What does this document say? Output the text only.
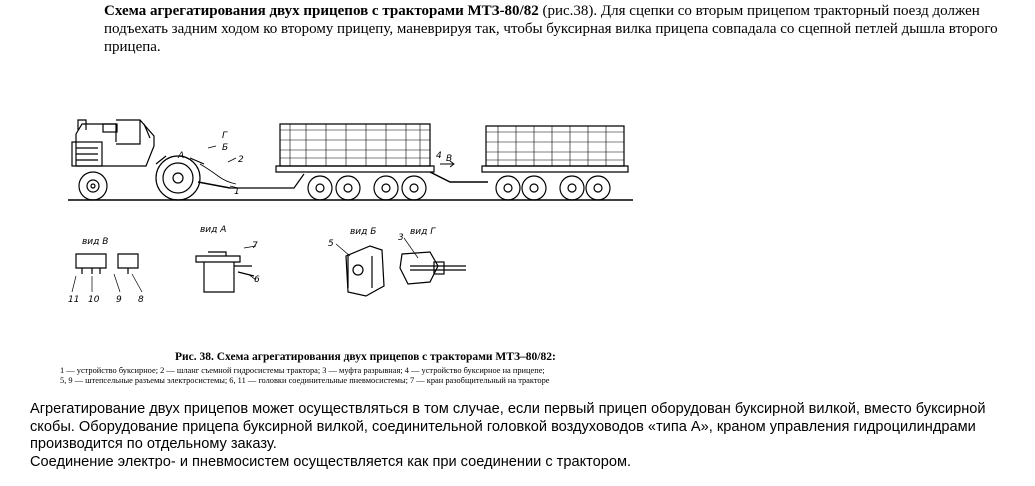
Схема агрегатирования двух прицепов с тракторами МТЗ-80/82 (рис.38). Для сцепки со вторым прицепом тракторный поезд должен подъехать задним ходом ко второму прицепу, маневрируя так, чтобы буксирная вилка прицепа совпадала со сцепной петлей дышла второго прицепа.
А
Г
Б
1
2	4 В
вид В
вид А	вид Б	вид Г
11 10 9 8
7
6
5
3
Рис. 38. Схема агрегатирования двух прицепов с тракторами МТЗ–80/82:
1 — устройство буксирное; 2 — шланг съемной гидросистемы трактора; 3 — муфта разрывная; 4 — устройство буксирное на прицепе;
5, 9 — штепсельные разъемы электросистемы; 6, 11 — головки соединительные пневмосистемы; 7 — кран разобщительный на тракторе

Агрегатирование двух прицепов может осуществляться в том случае, если первый прицеп оборудован буксирной вилкой, вместо буксирной скобы. Оборудование прицепа буксирной вилкой, соединительной головкой воздуховодов «типа А», краном управления гидроцилиндрами производится по отдельному заказу.

Соединение электро- и пневмосистем осуществляется как при соединении с трактором.
